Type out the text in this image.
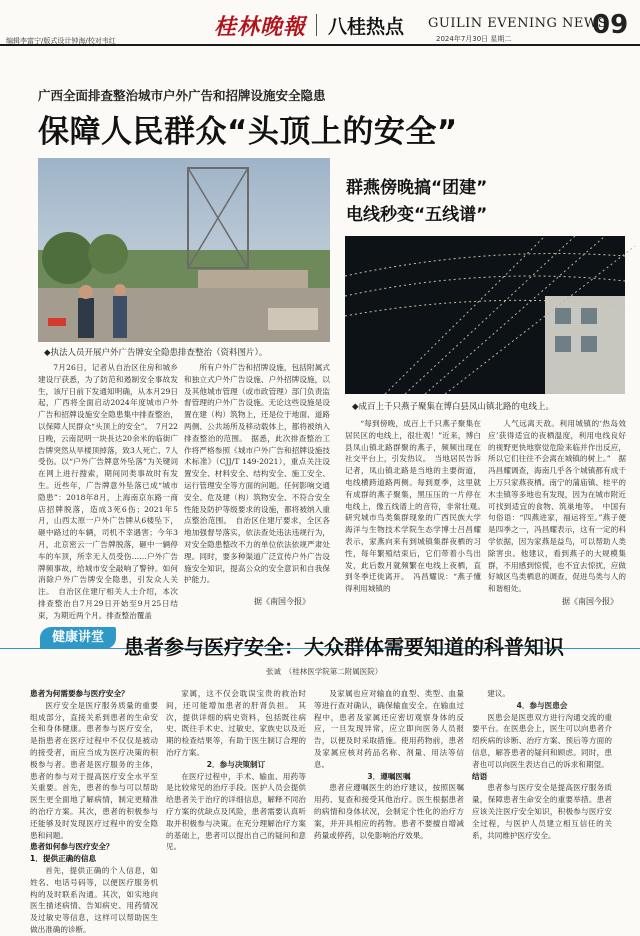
编辑李富宁/版式设计钟海/校对韦红
桂林晚報 八桂热点 GUILIN EVENING NEWS
2024年7月30日 星期二	09
广西全面排查整治城市户外广告和招牌设施安全隐患
保障人民群众“头顶上的安全”
◆执法人员开展户外广告牌安全隐患排查整治（资料图片）。

7月26日，记者从自治区住房和城乡建设厅获悉，为了防范和遏制安全事故发生，该厅日前下发通知明确，从本月29日起，广西将全面启动2024年度城市户外广告和招牌设施安全隐患集中排查整治，以保障人民群众“头顶上的安全”。　7月22日晚，云南昆明一块長达20余米的临街广告牌突然从旱楼顶掉落，致3人死亡、7人受伤。以“户外广告牌意外坠落”为关键词在网上进行搜索，期间同类事故时有发生。近些年，广告牌意外坠落已成“城市隐患”：2018年8月，上海南京东路一商店招牌脱落，造成3死6伤；2021年5月，山西太原一户外广告牌从6楼坠下，砸中路过的车辆，司机不幸遇害；今年3月，北京密云一广告牌脱落，砸中一辆停车的车顶，所幸无人员受伤……户外广告牌频事故，给城市安全敲响了警钟。如何消除户外广告牌安全隐患，引发众人关注。　自治区住建厅相关人士介绍，本次排查整治自7月29日开始至9月25日结束，为期近两个月。排查整治覆盖

所有户外广告和招牌设施，包括附属式和独立式户外广告设施、户外招牌设施，以及其他城市管理（或市政管理）部门负责监督管理的户外广告设施。无论这些设施是设置在建（构）筑物上，还是位于地面、道路两侧、公共场所及移动载体上，都将被纳入排查整治的范围。　据悉，此次排查整治工作将严格参照《城市户外广告和招牌设施技术标准》（CJJ/T 149-2021），重点关注设置安全、材料安全、结构安全、施工安全、运行管理安全等方面的问题。任何影响交通安全、危及建（构）筑物安全、不符合安全性能及防护等级要求的设施，都将被纳入重点整治范围。　自治区住建厅要求，全区各地加强督导落实，依法查处违法违规行为，对安全隐患整改不力的单位依法依规严肃处理。同时，要多种渠道广泛宣传户外广告设施安全知识，提高公众的安全意识和自我保护能力。

据《南国今报》
群燕傍晚搞“团建”
电线秒变“五线谱”
◆成百上千只燕子聚集在博白县凤山镇北路的电线上。

“每到傍晚，成百上千只燕子聚集在居民区的电线上，很壮观！”近来，博白县凤山镇北路群聚的燕子，频频出现在社交平台上，引发热议。　当地居民告诉记者，凤山镇北路是当地的主要街道，电线横跨道路两侧。每到夏季，这里就有成群的燕子聚集，黑压压的一片停在电线上，像五线谱上的音符，非常壮观。　研究城市鸟类集群现象的广西民族大学海洋与生物技术学院生态学博士吕昌耀表示，家燕向来有到城镇集群夜栖的习性，每年繁殖结束后，它们带着小鸟出发，此后数月就频繁在电线上夜栖，直到冬季迁徙离开。　冯昌耀说：“燕子懂得利用城镇的

人气远离天敌。利用城镇的‘热岛效应’获得适宜的夜栖温度，利用电线良好的视野更快地察觉危险来临并作出反应，所以它们往往不会离在城镇的树上。”　据冯昌耀调查，海南几乎各个城镇都有成千上万只家燕夜栖。南宁的蒲庙镇、桂平的木圭镇等多地也有发现，因为在城市附近可找到适宜的食物、筑巢地等。　中国有句俗语：“四燕进家，福运将至。”燕子便是四季之一，冯昌耀表示，这有一定的科学依据，因为家燕是益鸟，可以帮助人类除害虫。他建议，看到燕子的大规模集群，不用感到惊慌，也不宜去惊扰，应做好城区鸟类栖息的调查，促进鸟类与人的和谐相处。

据《南国今报》
健康讲堂	患者参与医疗安全：大众群体需要知道的科普知识
张诚　（桂林医学院第二附属医院）

患者为何需要参与医疗安全？

医疗安全是医疗服务质量的重要组成部分，直接关系到患者的生命安全和身体健康。患者参与医疗安全，是指患者在医疗过程中不仅仅是被动的接受者，而应当成为医疗决策的积极参与者。患者是医疗服务的主体，患者的参与对于提高医疗安全水平至关重要。首先，患者的参与可以帮助医生更全面地了解病情，制定更精准的治疗方案。其次，患者的积极参与还能够及时发现医疗过程中的安全隐患和问题。

患者如何参与医疗安全？

1．提供正确的信息

首先，提供正确的个人信息，如姓名、电话号码等，以便医疗服务机构的及时联系沟通。其次，如实地向医生描述病情、告知病史、用药情况及过敏史等信息，这样可以帮助医生做出准确的诊断。

家属，这不仅会耽误宝贵的救治时间，还可能增加患者的肝肾负担。　其次，提供详细的病史资料，包括既往病史、既往手术史、过敏史、家族史以及近期的检查结果等，有助于医生制订合理的治疗方案。

2．参与决策制订

在医疗过程中，手术、输血、用药等是比较常见的治疗手段。医护人员会提供给患者关于治疗的详细信息，解释不同治疗方案的优缺点及风险，患者需要认真听取并积极参与决策。在充分理解治疗方案的基础上，患者可以提出自己的疑问和意见。

及家属也应对输血的血型、类型、血量等进行查对确认，确保输血安全。在输血过程中，患者及家属还应密切观察身体的反应，一旦发现异常，应立即向医务人员报告，以便及时采取措施。使用药物前，患者及家属应核对药品名称、剂量、用法等信息。

3．遵嘱医嘱

患者应遵嘱医生的治疗建议，按照医嘱用药、复查和接受其他治疗。医生根据患者的病情和身体状况，会制定个性化的治疗方案，并开具相应的药物。患者不要擅自增减药量或停药，以免影响治疗效果。

建议。

4．参与医患会

医患会是医患双方进行沟通交流的重要平台。在医患会上，医生可以向患者介绍疾病的诊断、治疗方案、预后等方面的信息，解答患者的疑问和顾虑。同时，患者也可以向医生表达自己的诉求和期望。

结语

患者参与医疗安全是提高医疗服务质量，保障患者生命安全的重要举措。患者应该关注医疗安全知识，积极参与医疗安全过程，与医护人员建立相互信任的关系，共同维护医疗安全。
